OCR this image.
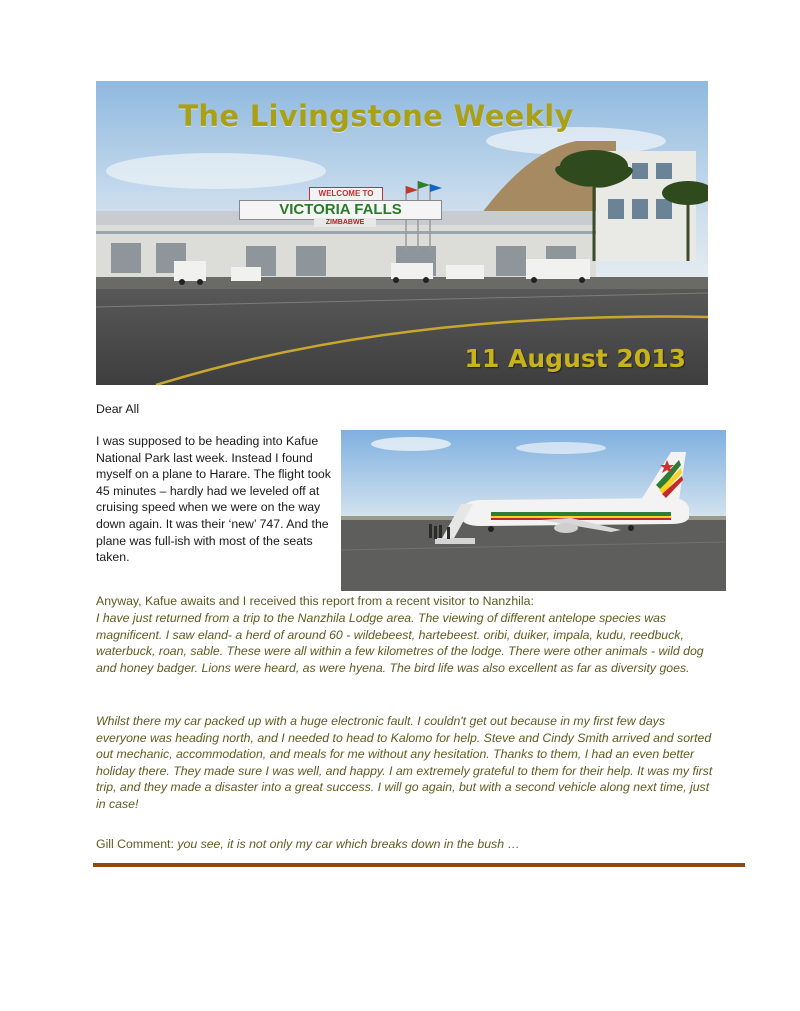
WELCOME TO
VICTORIA FALLS
ZIMBABWE
The Livingstone Weekly
11 August 2013
Dear All
I was supposed to be heading into Kafue National Park last week. Instead I found myself on a plane to Harare. The flight took 45 minutes – hardly had we leveled off at cruising speed when we were on the way down again. It was their ‘new’ 747. And the plane was full-ish with most of the seats taken.
Anyway, Kafue awaits and I received this report from a recent visitor to Nanzhila:
I have just returned from a trip to the Nanzhila Lodge area. The viewing of different antelope species was magnificent. I saw eland- a herd of around 60 - wildebeest, hartebeest. oribi, duiker, impala, kudu, reedbuck, waterbuck, roan, sable. These were all within a few kilometres of the lodge. There were other animals - wild dog and honey badger. Lions were heard, as were hyena. The bird life was also excellent as far as diversity goes.
Whilst there my car packed up with a huge electronic fault. I couldn't get out because in my first few days everyone was heading north, and I needed to head to Kalomo for help. Steve and Cindy Smith arrived and sorted out mechanic, accommodation, and meals for me without any hesitation. Thanks to them, I had an even better holiday there. They made sure I was well, and happy. I am extremely grateful to them for their help. It was my first trip, and they made a disaster into a great success. I will go again, but with a second vehicle along next time, just in case!
Gill Comment: you see, it is not only my car which breaks down in the bush …
